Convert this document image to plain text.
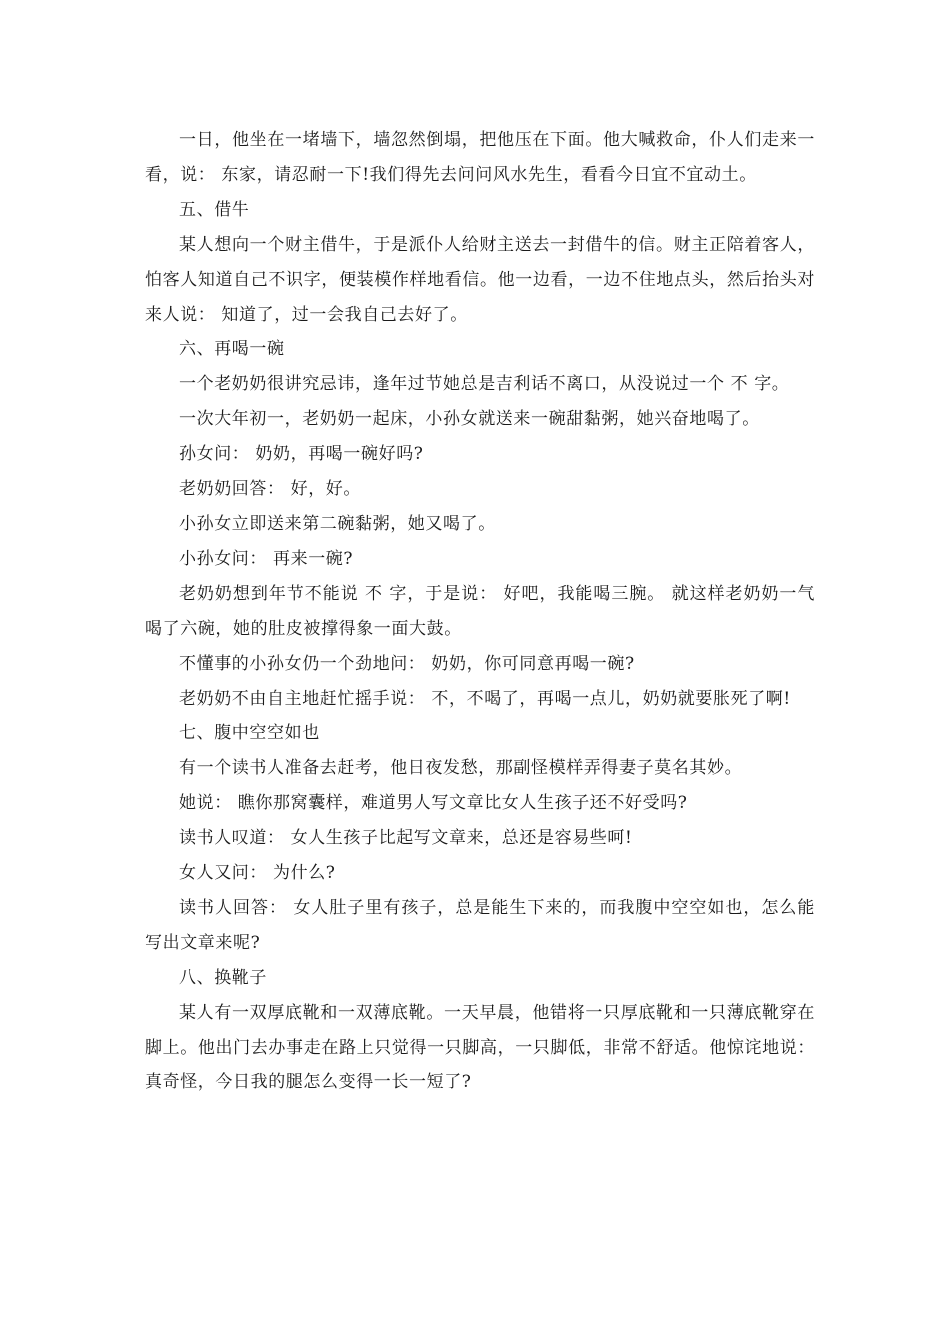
一日，他坐在一堵墙下，墙忽然倒塌，把他压在下面。他大喊救命，仆人们走来一看，说： 东家，请忍耐一下!我们得先去问问风水先生，看看今日宜不宜动土。

五、借牛

某人想向一个财主借牛，于是派仆人给财主送去一封借牛的信。财主正陪着客人，怕客人知道自己不识字，便装模作样地看信。他一边看，一边不住地点头，然后抬头对来人说： 知道了，过一会我自己去好了。

六、再喝一碗

一个老奶奶很讲究忌讳，逢年过节她总是吉利话不离口，从没说过一个 不 字。

一次大年初一，老奶奶一起床，小孙女就送来一碗甜黏粥，她兴奋地喝了。

孙女问： 奶奶，再喝一碗好吗?

老奶奶回答： 好，好。

小孙女立即送来第二碗黏粥，她又喝了。

小孙女问： 再来一碗?

老奶奶想到年节不能说 不 字，于是说： 好吧，我能喝三腕。 就这样老奶奶一气喝了六碗，她的肚皮被撑得象一面大鼓。

不懂事的小孙女仍一个劲地问： 奶奶，你可同意再喝一碗?

老奶奶不由自主地赶忙摇手说： 不，不喝了，再喝一点儿，奶奶就要胀死了啊!

七、腹中空空如也

有一个读书人准备去赶考，他日夜发愁，那副怪模样弄得妻子莫名其妙。

她说： 瞧你那窝囊样，难道男人写文章比女人生孩子还不好受吗?

读书人叹道： 女人生孩子比起写文章来，总还是容易些呵!

女人又问： 为什么?

读书人回答： 女人肚子里有孩子，总是能生下来的，而我腹中空空如也，怎么能写出文章来呢?

八、换靴子

某人有一双厚底靴和一双薄底靴。一天早晨，他错将一只厚底靴和一只薄底靴穿在脚上。他出门去办事走在路上只觉得一只脚高，一只脚低，非常不舒适。他惊诧地说： 真奇怪，今日我的腿怎么变得一长一短了?
